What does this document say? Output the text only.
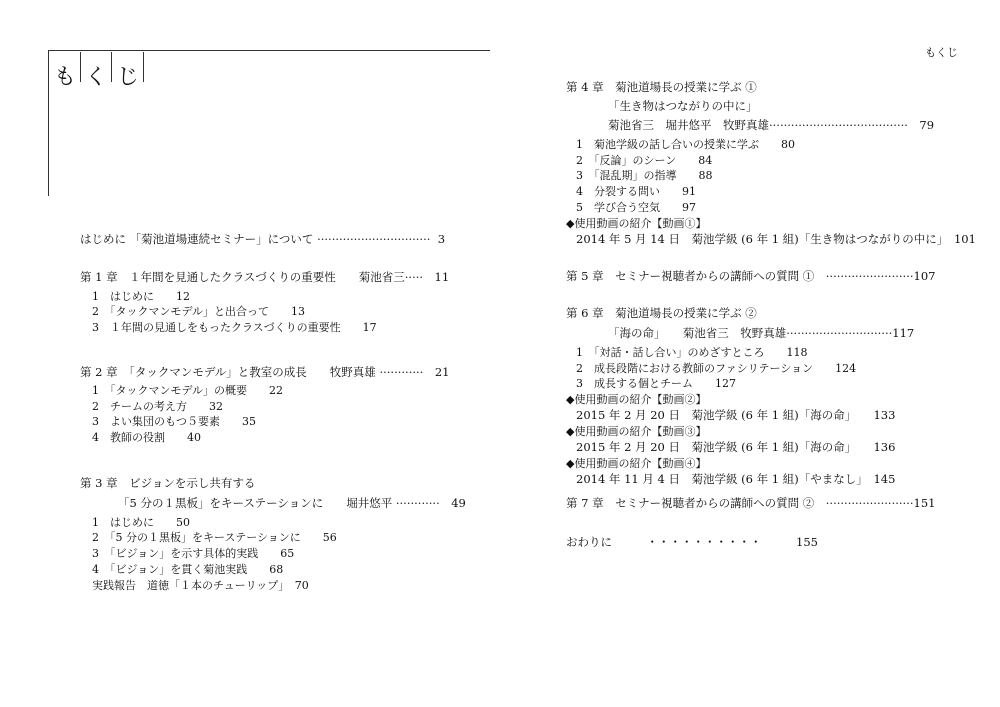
も く じ
もくじ
はじめに 「菊池道場連続セミナー」について ·······························  3
第 1 章　１年間を見通したクラスづくりの重要性　　菊池省三·····　11
1　はじめに　　12
2　「タックマンモデル」と出合って　　13
3　１年間の見通しをもったクラスづくりの重要性　　17
第 2 章　「タックマンモデル」と教室の成長　　牧野真雄 ············　21
1　「タックマンモデル」の概要　　22
2　チームの考え方　　32
3　よい集団のもつ５要素　　35
4　教師の役割　　40
第 3 章　ビジョンを示し共有する
「5 分の１黒板」をキーステーションに　　堀井悠平 ············　49
1　はじめに　　50
2　「5 分の１黒板」をキーステーションに　　56
3　「ビジョン」を示す具体的実践　　65
4　「ビジョン」を貫く菊池実践　　68
実践報告　道徳「１本のチューリップ」　70
第 4 章　菊池道場長の授業に学ぶ ①
「生き物はつながりの中に」
菊池省三　堀井悠平　牧野真雄······································　79
1　菊池学級の話し合いの授業に学ぶ　　80
2　「反論」のシーン　　84
3　「混乱期」の指導　　88
4　分裂する問い　　91
5　学び合う空気　　97
◆使用動画の紹介【動画①】
2014 年 5 月 14 日　菊池学級 (6 年 1 組)「生き物はつながりの中に」　101
第 5 章　セミナー視聴者からの講師への質問 ①　························107
第 6 章　菊池道場長の授業に学ぶ ②
「海の命」　　菊池省三　牧野真雄·····························117
1　「対話・話し合い」のめざすところ　　118
2　成長段階における教師のファシリテーション　　124
3　成長する個とチーム　　127
◆使用動画の紹介【動画②】
2015 年 2 月 20 日　菊池学級 (6 年 1 組)「海の命」　　133
◆使用動画の紹介【動画③】
2015 年 2 月 20 日　菊池学級 (6 年 1 組)「海の命」　　136
◆使用動画の紹介【動画④】
2014 年 11 月 4 日　菊池学級 (6 年 1 組)「やまなし」　145
第 7 章　セミナー視聴者からの講師への質問 ②　························151
おわりに　　　・・・・・・・・・・　　　155
